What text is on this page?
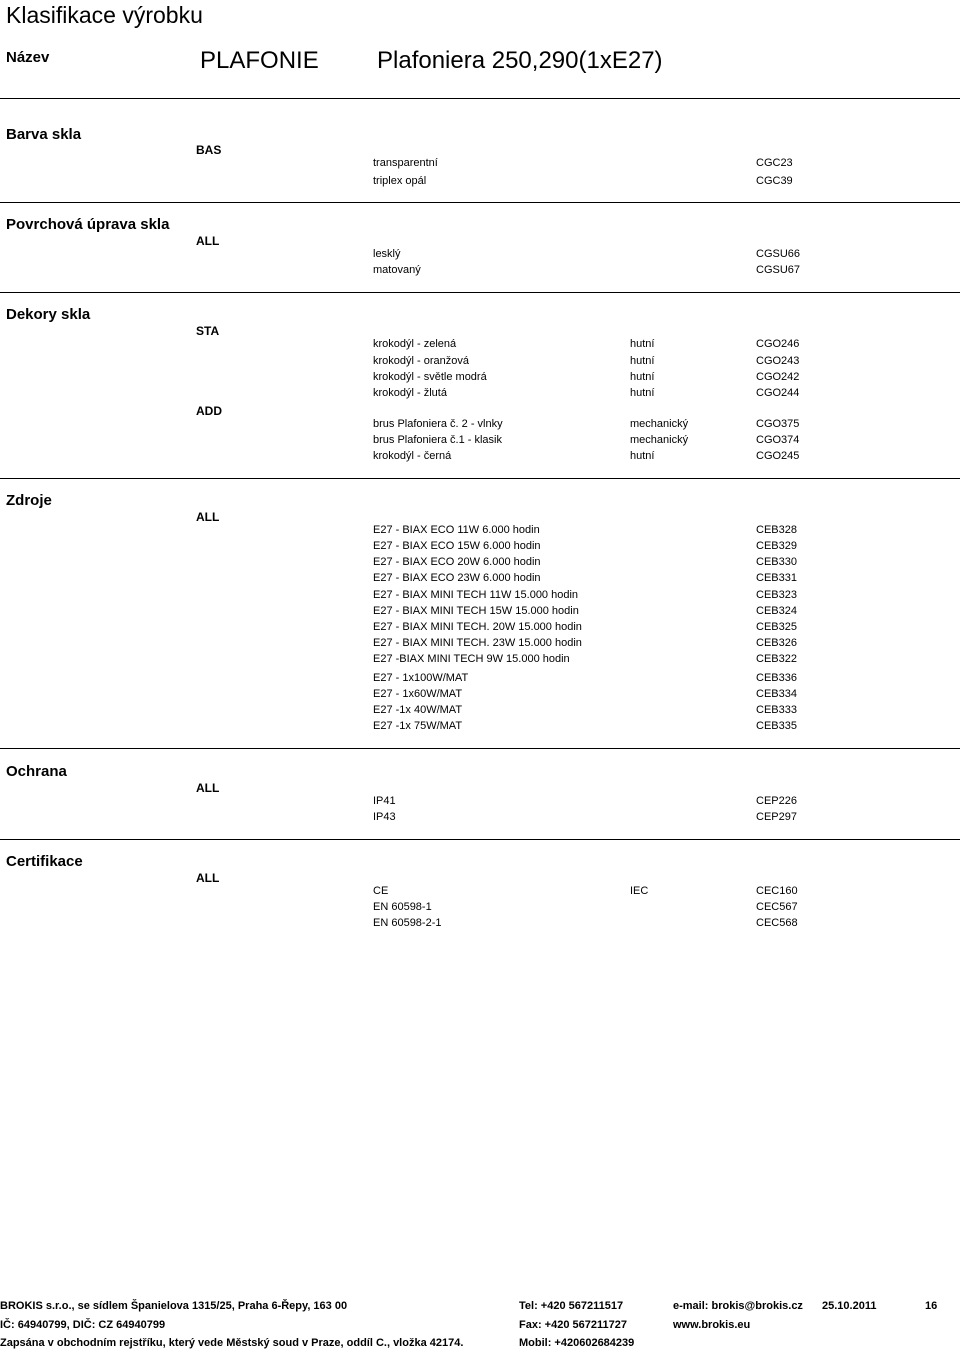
Klasifikace výrobku
Název	PLAFONIE Plafoniera 250,290(1xE27)
Barva skla
BAS
transparentní	CGC23
triplex opál	CGC39
Povrchová úprava skla
ALL
lesklý	CGSU66
matovaný	CGSU67
Dekory skla
STA
krokodýl - zelená	hutní	CGO246
krokodýl - oranžová	hutní	CGO243
krokodýl - světle modrá	hutní	CGO242
krokodýl - žlutá	hutní	CGO244
ADD
brus Plafoniera č. 2 - vlnky	mechanický	CGO375
brus Plafoniera č.1 - klasik	mechanický	CGO374
krokodýl - černá	hutní	CGO245
Zdroje
ALL
E27 - BIAX ECO 11W 6.000 hodin	CEB328
E27 - BIAX ECO 15W 6.000 hodin	CEB329
E27 - BIAX ECO 20W 6.000 hodin	CEB330
E27 - BIAX ECO 23W 6.000 hodin	CEB331
E27 - BIAX MINI TECH 11W 15.000 hodin	CEB323
E27 - BIAX MINI TECH 15W 15.000 hodin	CEB324
E27 - BIAX MINI TECH. 20W 15.000 hodin	CEB325
E27 - BIAX MINI TECH. 23W 15.000 hodin	CEB326
E27 -BIAX MINI TECH 9W 15.000 hodin	CEB322
E27 - 1x100W/MAT	CEB336
E27 - 1x60W/MAT	CEB334
E27 -1x 40W/MAT	CEB333
E27 -1x 75W/MAT	CEB335
Ochrana
ALL
IP41	CEP226
IP43	CEP297
Certifikace
ALL
CE	IEC	CEC160
EN 60598-1	CEC567
EN 60598-2-1	CEC568
BROKIS s.r.o., se sídlem Španielova 1315/25, Praha 6-Řepy, 163 00
IČ: 64940799, DIČ: CZ 64940799
Zapsána v obchodním rejstříku, který vede Městský soud v Praze, oddíl C., vložka 42174.
Tel: +420 567211517
Fax: +420 567211727
Mobil: +420602684239
e-mail: brokis@brokis.cz
www.brokis.eu
25.10.2011	16
